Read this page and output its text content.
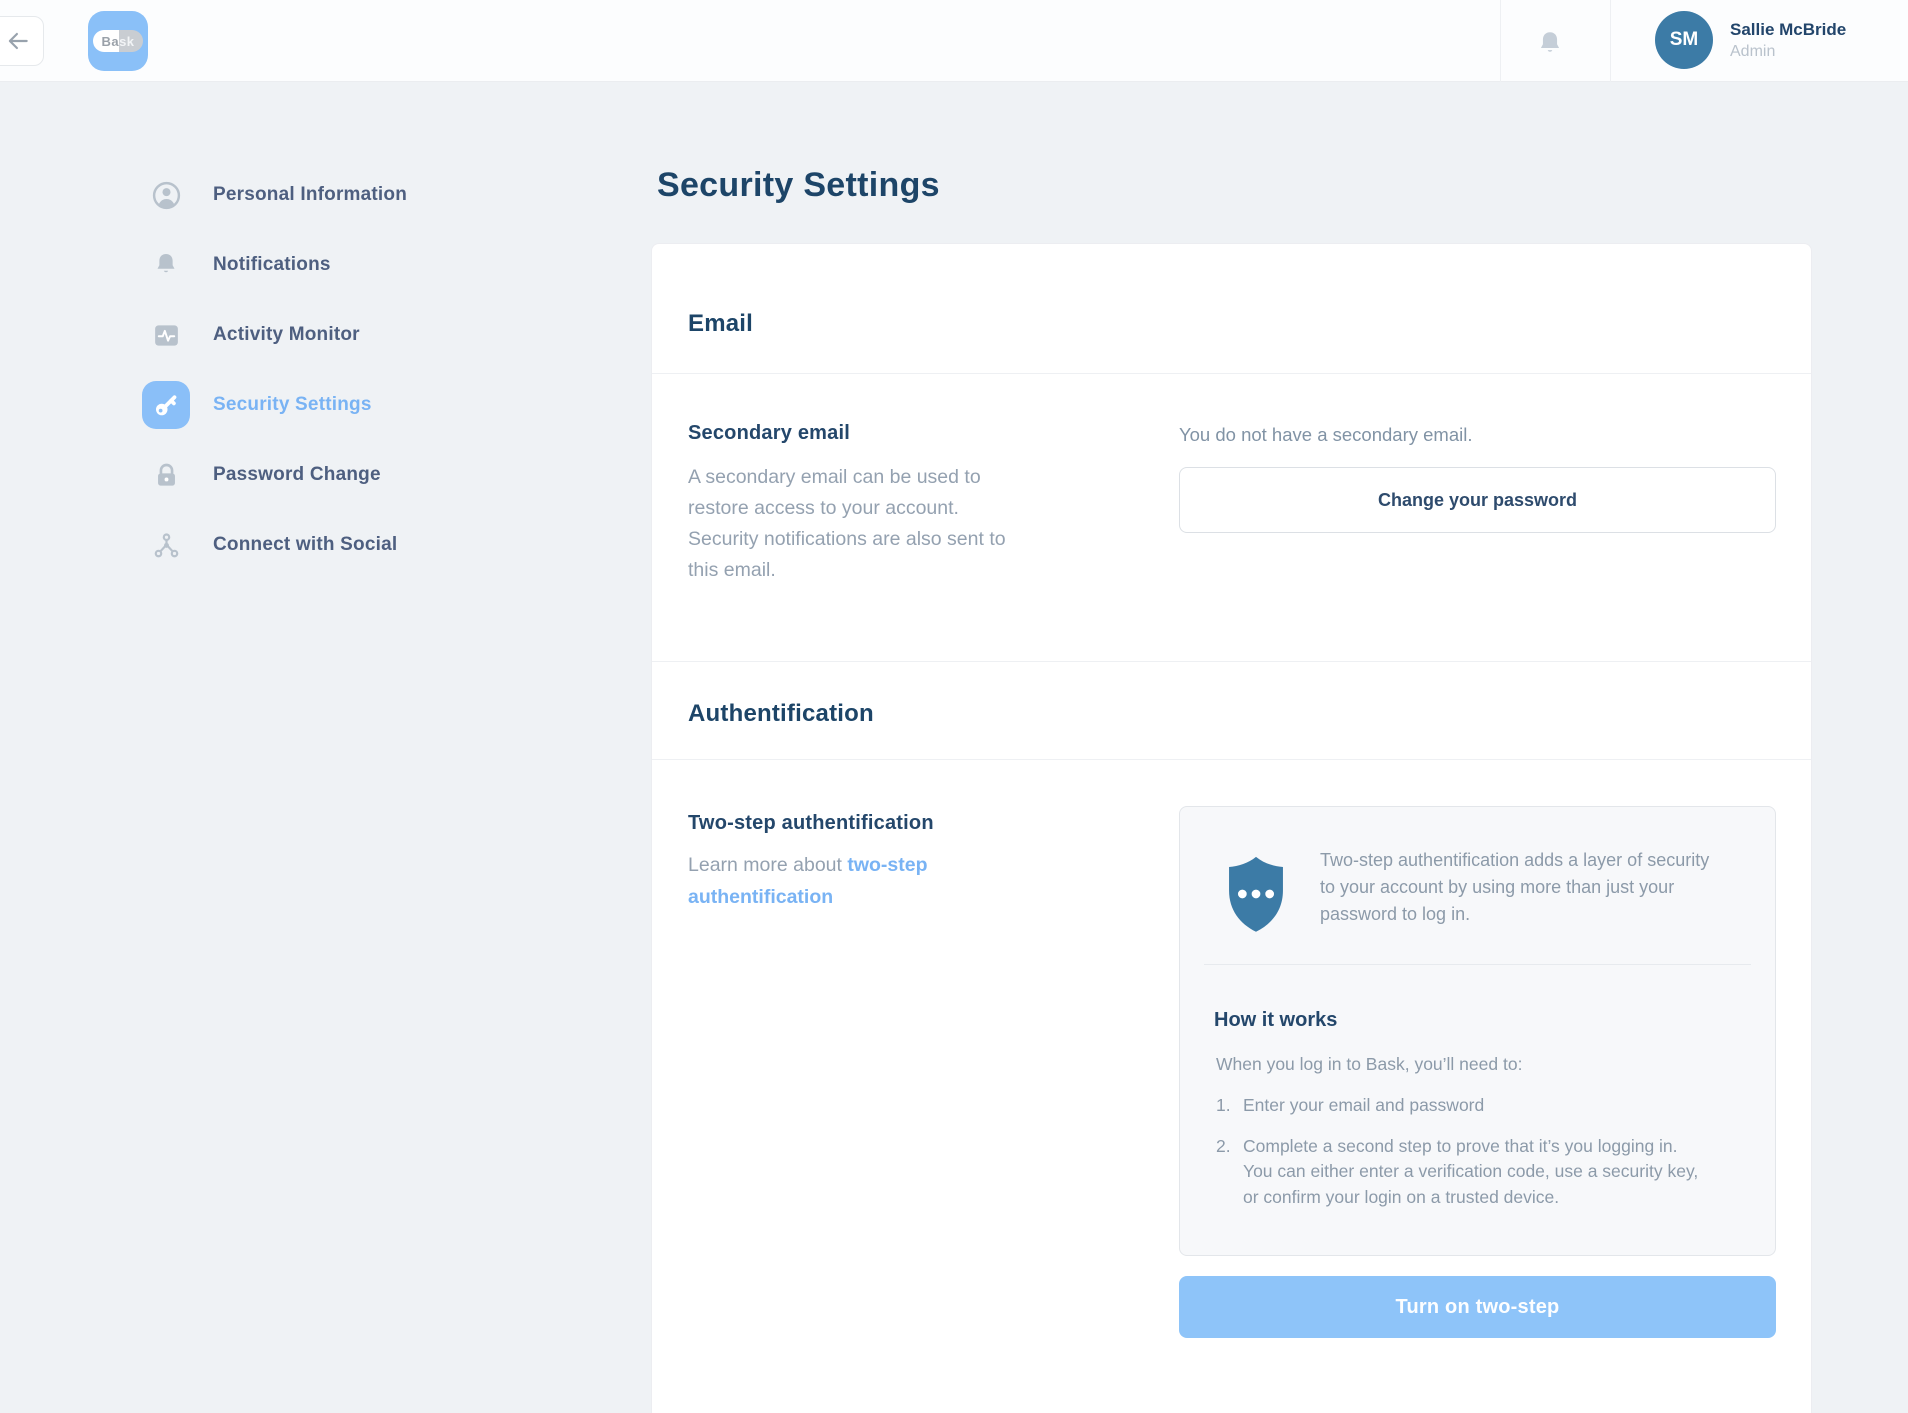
Ba sk	SM	Sallie McBride
Admin
Personal Information
Notifications
Activity Monitor
Security Settings
Password Change
Connect with Social
Security Settings
Email
Secondary email
A secondary email can be used to
restore access to your account.
Security notifications are also sent to
this email.
You do not have a secondary email.
Change your password
Authentification
Two-step authentification
Learn more about two-step authentification
Two-step authentification adds a layer of security
to your account by using more than just your
password to log in.
How it works
When you log in to Bask, you’ll need to:
1. Enter your email and password
2. Complete a second step to prove that it’s you logging in.
You can either enter a verification code, use a security key,
or confirm your login on a trusted device.
Turn on two-step
